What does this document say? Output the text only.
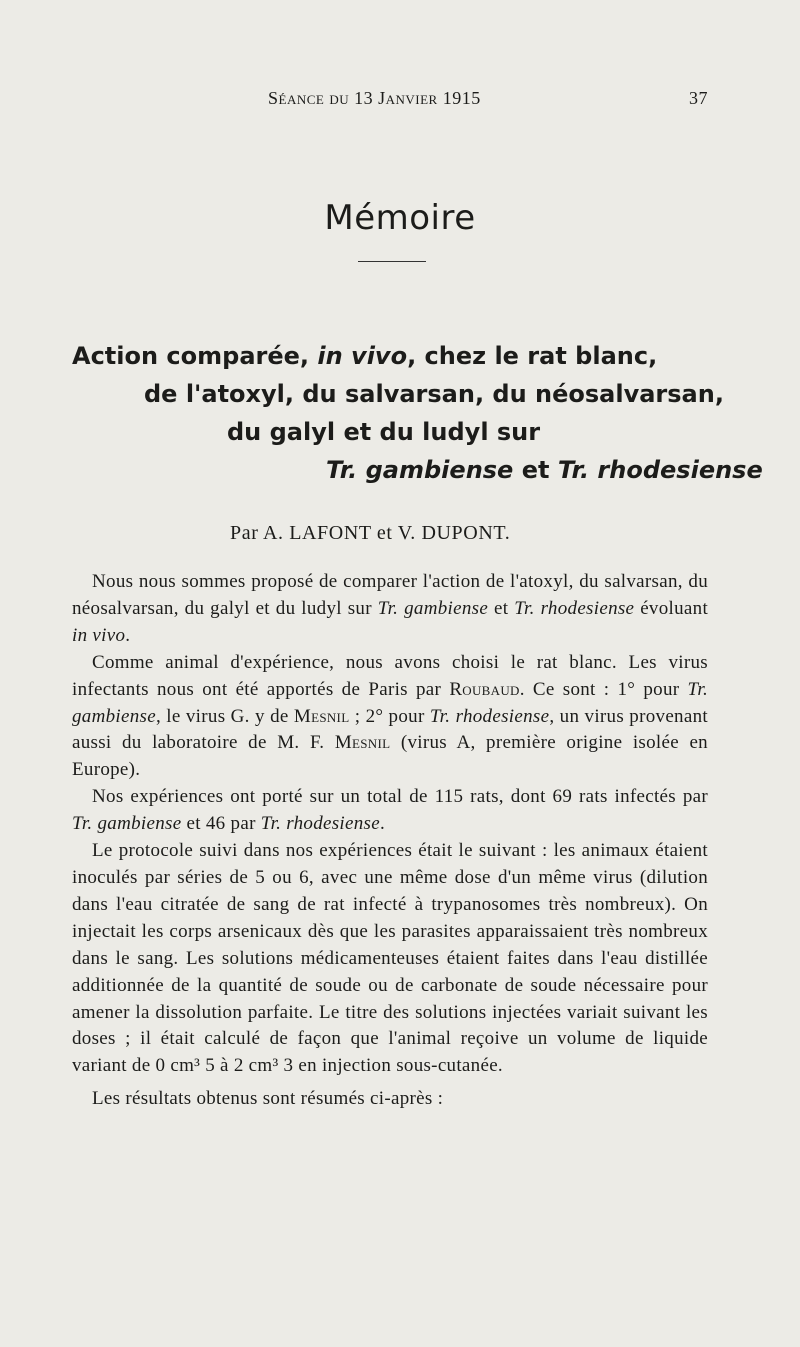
Séance du 13 Janvier 1915	37
Mémoire
Action comparée, in vivo, chez le rat blanc,
de l'atoxyl, du salvarsan, du néosalvarsan,
du galyl et du ludyl sur
Tr. gambiense et Tr. rhodesiense
Par A. LAFONT et V. DUPONT.

Nous nous sommes proposé de comparer l'action de l'atoxyl, du salvarsan, du néosalvarsan, du galyl et du ludyl sur Tr. gambiense et Tr. rhodesiense évoluant in vivo.

Comme animal d'expérience, nous avons choisi le rat blanc. Les virus infectants nous ont été apportés de Paris par Roubaud. Ce sont : 1° pour Tr. gambiense, le virus G. y de Mesnil ; 2° pour Tr. rhodesiense, un virus provenant aussi du laboratoire de M. F. Mesnil (virus A, première origine isolée en Europe).

Nos expériences ont porté sur un total de 115 rats, dont 69 rats infectés par Tr. gambiense et 46 par Tr. rhodesiense.

Le protocole suivi dans nos expériences était le suivant : les animaux étaient inoculés par séries de 5 ou 6, avec une même dose d'un même virus (dilution dans l'eau citratée de sang de rat infecté à trypanosomes très nombreux). On injectait les corps arsenicaux dès que les parasites apparaissaient très nombreux dans le sang. Les solutions médicamenteuses étaient faites dans l'eau distillée additionnée de la quantité de soude ou de carbonate de soude nécessaire pour amener la dissolution parfaite. Le titre des solutions injectées variait suivant les doses ; il était calculé de façon que l'animal reçoive un volume de liquide variant de 0 cm³ 5 à 2 cm³ 3 en injection sous-cutanée.

Les résultats obtenus sont résumés ci-après :
